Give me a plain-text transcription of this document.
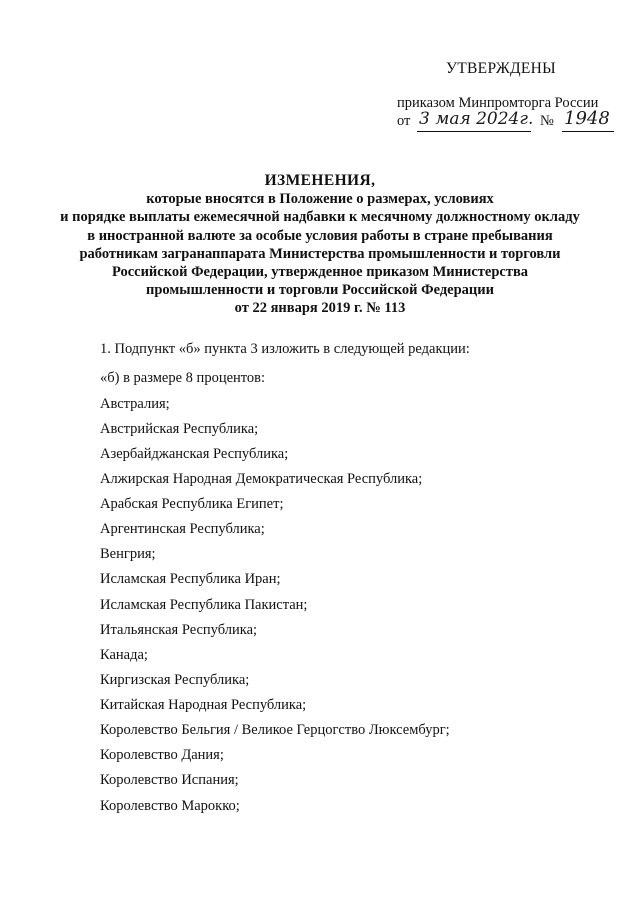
УТВЕРЖДЕНЫ
приказом Минпромторга России
от 3 мая 2024г. № 1948
ИЗМЕНЕНИЯ,
которые вносятся в Положение о размерах, условиях
и порядке выплаты ежемесячной надбавки к месячному должностному окладу
в иностранной валюте за особые условия работы в стране пребывания
работникам загранаппарата Министерства промышленности и торговли
Российской Федерации, утвержденное приказом Министерства
промышленности и торговли Российской Федерации
от 22 января 2019 г. № 113
1. Подпункт «б» пункта 3 изложить в следующей редакции:
«б) в размере 8 процентов:
Австралия;
Австрийская Республика;
Азербайджанская Республика;
Алжирская Народная Демократическая Республика;
Арабская Республика Египет;
Аргентинская Республика;
Венгрия;
Исламская Республика Иран;
Исламская Республика Пакистан;
Итальянская Республика;
Канада;
Киргизская Республика;
Китайская Народная Республика;
Королевство Бельгия / Великое Герцогство Люксембург;
Королевство Дания;
Королевство Испания;
Королевство Марокко;
